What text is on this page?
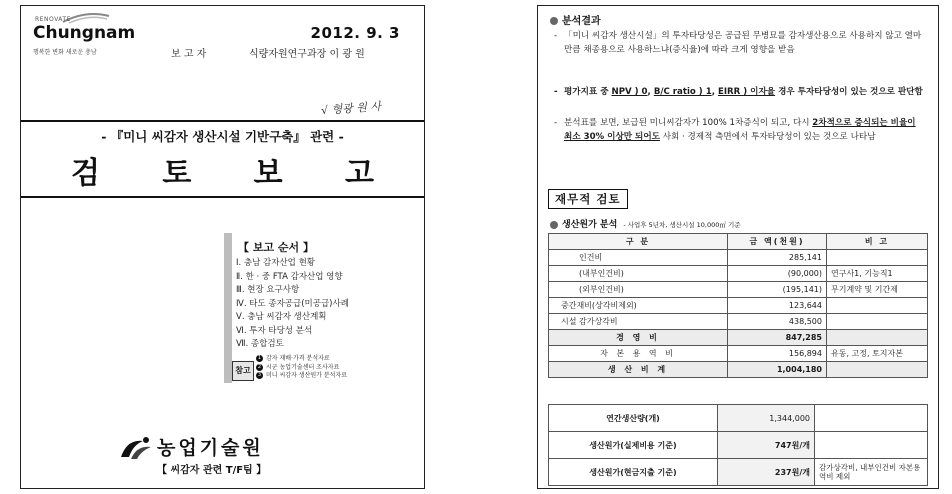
RENOVATE
Chungnam
행복한 변화 새로운 충남
2012. 9. 3
보 고 자	식량자원연구과장 이 광 원
√ 형광 원 사
- 『미니 씨감자 생산시설 기반구축』 관련 -
검 토 보 고
【 보고 순서 】
Ⅰ. 충남 감자산업 현황
Ⅱ. 한 · 중 FTA 감자산업 영향
Ⅲ. 현장 요구사항
Ⅳ. 타도 종자공급(미공급)사례
Ⅴ. 충남 씨감자 생산계획
Ⅵ. 투자 타당성 분석
Ⅶ. 종합검토
참고
1 감자 재배·가격 분석자료
2 시군 농업기술센터 조사자료
3 미니 씨감자 생산원가 분석자료
농업기술원
【 씨감자 관련 T/F팀 】
분석결과
- 「미니 씨감자 생산시설」의 투자타당성은 공급된 무병묘를 감자생산용으로 사용하지 않고 열마만큼 채종용으로 사용하느냐(증식율)에 따라 크게 영향을 받음
- 평가지표 중 NPV ) 0, B/C ratio ) 1, EIRR ) 이자율 경우 투자타당성이 있는 것으로 판단함
- 분석표를 보면, 보급된 미니씨감자가 100% 1차증식이 되고, 다시 2차적으로 증식되는 비율이 최소 30% 이상만 되어도 사회 · 경제적 측면에서 투자타당성이 있는 것으로 나타남
재무적 검토
생산원가 분석 - 사업후 5년차, 생산시설 10,000㎡ 기준
구 분	금 액(천원)	비 고
인건비	285,141	
(내부인건비)	(90,000)	연구사1, 기능직1
(외부인건비)	(195,141)	무기계약 및 기간제
중간재비(상각비제외)	123,644	
시설 감가상각비	438,500	
경 영 비	847,285	
자 본 용 역 비	156,894	유동, 고정, 토지자본
생 산 비 계	1,004,180	
연간생산량(개)	1,344,000	
생산원가(실제비용 기준)	747원/개	
생산원가(현금지출 기준)	237원/개	감가상각비, 내부인건비 자본용역비 제외
